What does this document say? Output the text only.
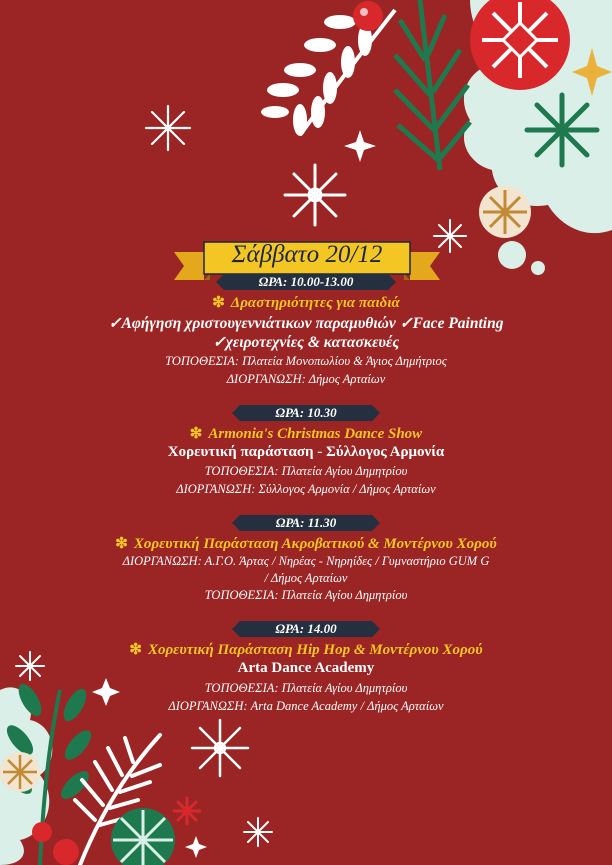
Σάββατο 20/12
ΩΡΑ: 10.00-13.00
❇ Δραστηριότητες για παιδιά
✓Αφήγηση χριστουγεννιάτικων παραμυθιών ✓Face Painting
✓χειροτεχνίες & κατασκευές
ΤΟΠΟΘΕΣΙΑ: Πλατεία Μονοπωλίου & Άγιος Δημήτριος
ΔΙΟΡΓΑΝΩΣΗ: Δήμος Αρταίων
ΩΡΑ: 10.30
❇ Armonia's Christmas Dance Show
Χορευτική παράσταση - Σύλλογος Αρμονία
ΤΟΠΟΘΕΣΙΑ: Πλατεία Αγίου Δημητρίου
ΔΙΟΡΓΑΝΩΣΗ: Σύλλογος Αρμονία / Δήμος Αρταίων
ΩΡΑ: 11.30
❇ Χορευτική Παράσταση Ακροβατικού & Μοντέρνου Χορού
ΔΙΟΡΓΑΝΩΣΗ: Α.Γ.Ο. Άρτας / Νηρέας - Νηρηίδες / Γυμναστήριο GUM G
/ Δήμος Αρταίων
ΤΟΠΟΘΕΣΙΑ: Πλατεία Αγίου Δημητρίου
ΩΡΑ: 14.00
❇ Χορευτική Παράσταση Hip Hop & Μοντέρνου Χορού
Arta Dance Academy
ΤΟΠΟΘΕΣΙΑ: Πλατεία Αγίου Δημητρίου
ΔΙΟΡΓΑΝΩΣΗ: Arta Dance Academy / Δήμος Αρταίων
